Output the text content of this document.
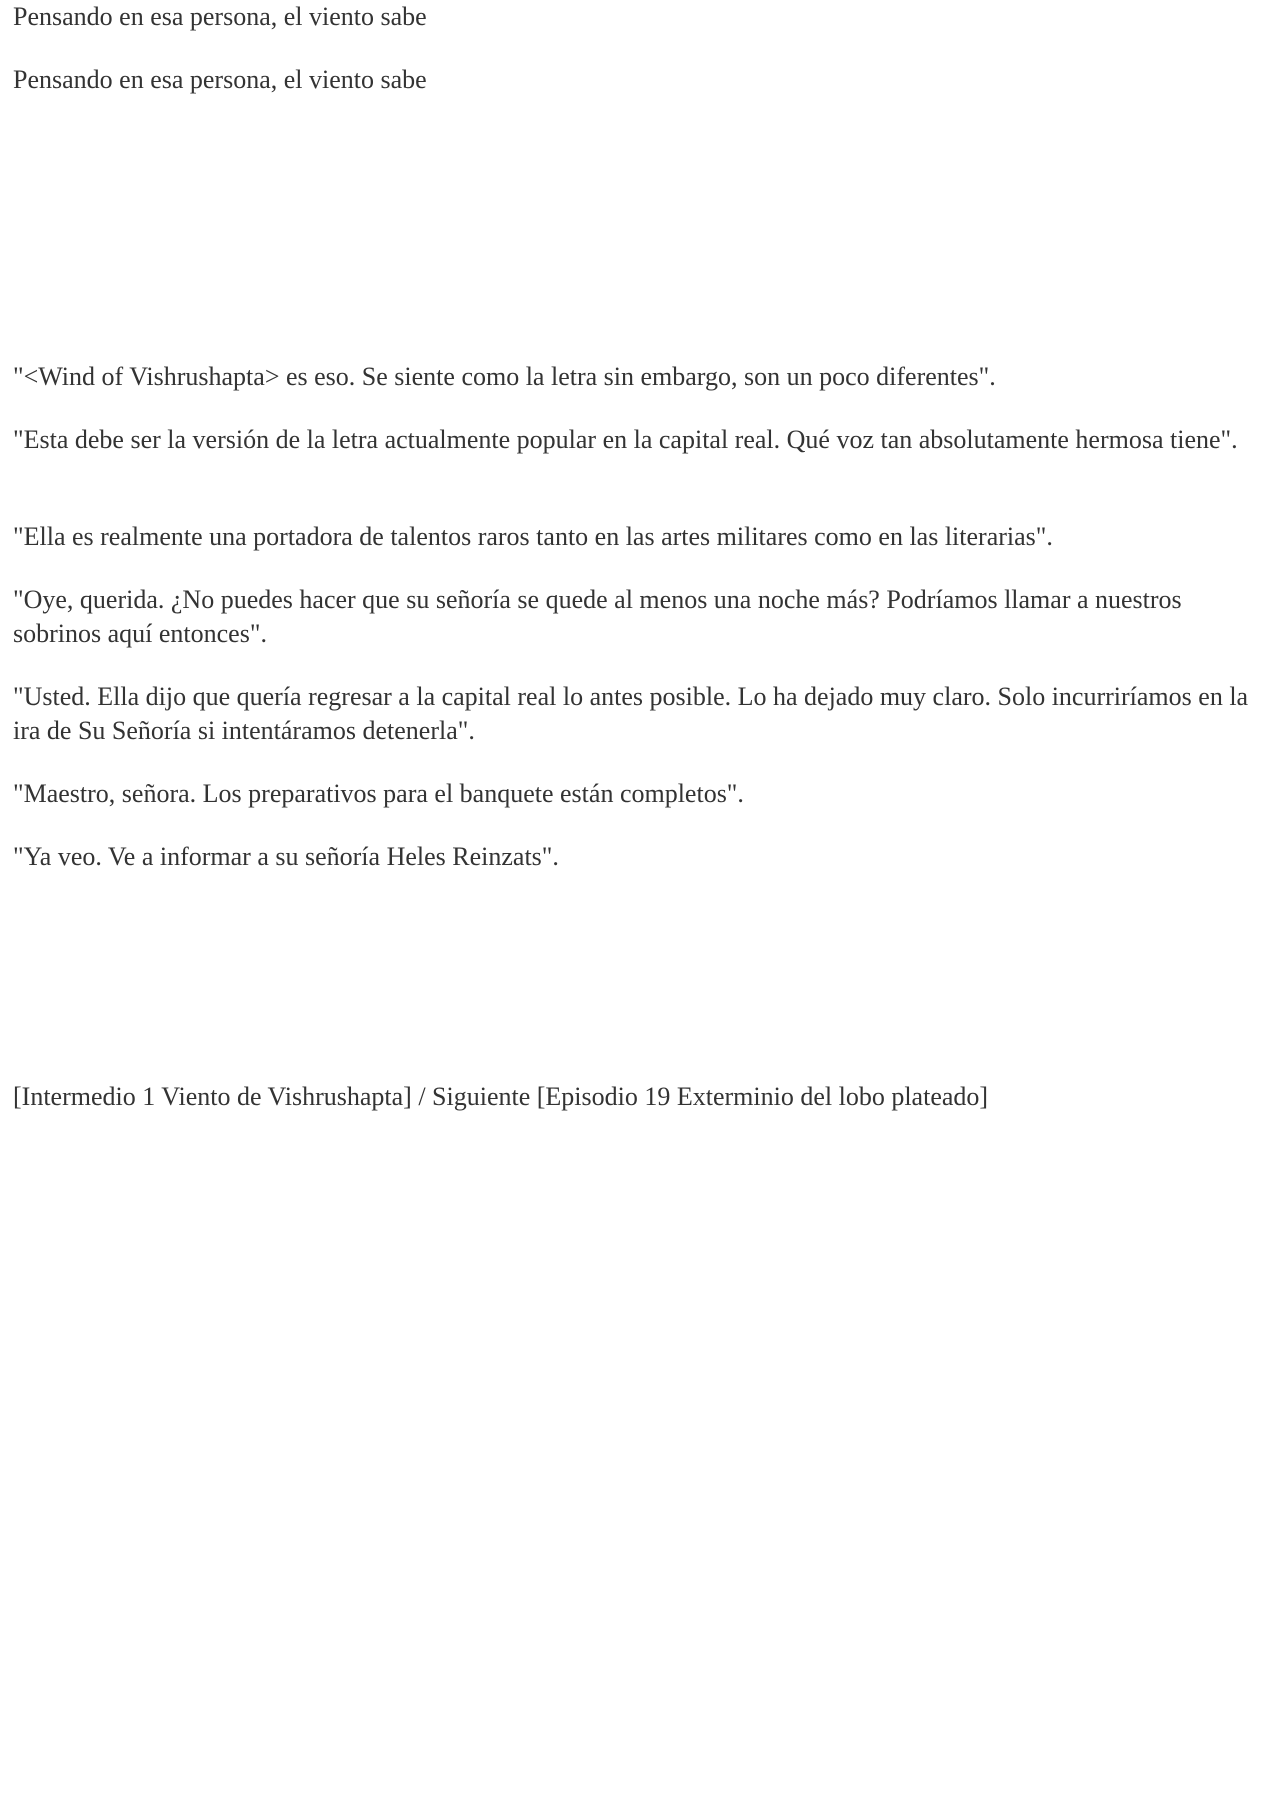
Pensando en esa persona, el viento sabe

Pensando en esa persona, el viento sabe

"<Wind of Vishrushapta> es eso. Se siente como la letra sin embargo, son un poco diferentes".

"Esta debe ser la versión de la letra actualmente popular en la capital real. Qué voz tan absolutamente hermosa tiene".

"Ella es realmente una portadora de talentos raros tanto en las artes militares como en las literarias".

"Oye, querida. ¿No puedes hacer que su señoría se quede al menos una noche más? Podríamos llamar a nuestros sobrinos aquí entonces".

"Usted. Ella dijo que quería regresar a la capital real lo antes posible. Lo ha dejado muy claro. Solo incurriríamos en la ira de Su Señoría si intentáramos detenerla".

"Maestro, señora. Los preparativos para el banquete están completos".

"Ya veo. Ve a informar a su señoría Heles Reinzats".

[Intermedio 1 Viento de Vishrushapta] / Siguiente [Episodio 19 Exterminio del lobo plateado]
